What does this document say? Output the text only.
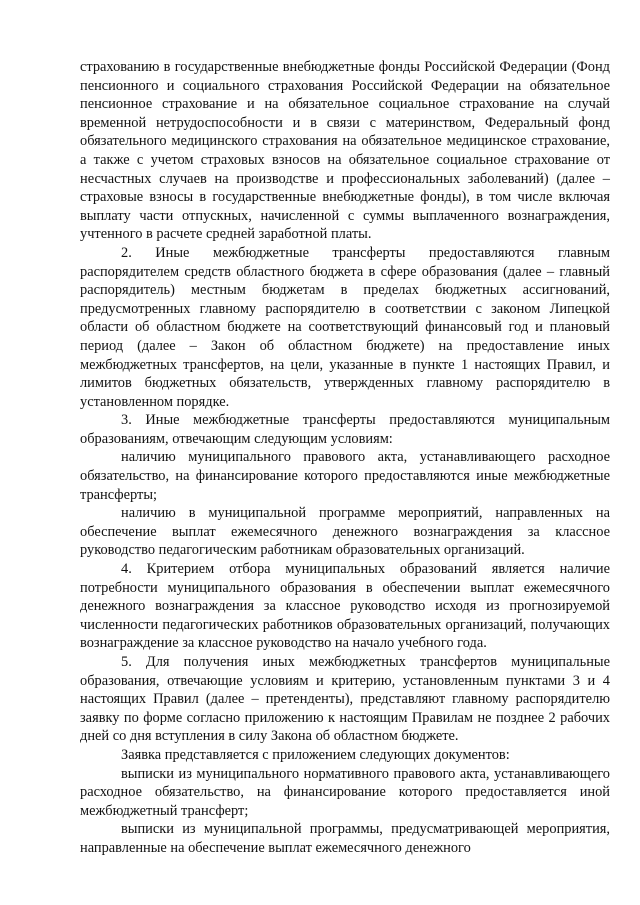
страхованию в государственные внебюджетные фонды Российской Федерации (Фонд пенсионного и социального страхования Российской Федерации на обязательное пенсионное страхование и на обязательное социальное страхование на случай временной нетрудоспособности и в связи с материнством, Федеральный фонд обязательного медицинского страхования на обязательное медицинское страхование, а также с учетом страховых взносов на обязательное социальное страхование от несчастных случаев на производстве и профессиональных заболеваний) (далее – страховые взносы в государственные внебюджетные фонды), в том числе включая выплату части отпускных, начисленной с суммы выплаченного вознаграждения, учтенного в расчете средней заработной платы.

2. Иные межбюджетные трансферты предоставляются главным распорядителем средств областного бюджета в сфере образования (далее – главный распорядитель) местным бюджетам в пределах бюджетных ассигнований, предусмотренных главному распорядителю в соответствии с законом Липецкой области об областном бюджете на соответствующий финансовый год и плановый период (далее – Закон об областном бюджете) на предоставление иных межбюджетных трансфертов, на цели, указанные в пункте 1 настоящих Правил, и лимитов бюджетных обязательств, утвержденных главному распорядителю в установленном порядке.

3. Иные межбюджетные трансферты предоставляются муниципальным образованиям, отвечающим следующим условиям:

наличию муниципального правового акта, устанавливающего расходное обязательство, на финансирование которого предоставляются иные межбюджетные трансферты;

наличию в муниципальной программе мероприятий, направленных на обеспечение выплат ежемесячного денежного вознаграждения за классное руководство педагогическим работникам образовательных организаций.

4. Критерием отбора муниципальных образований является наличие потребности муниципального образования в обеспечении выплат ежемесячного денежного вознаграждения за классное руководство исходя из прогнозируемой численности педагогических работников образовательных организаций, получающих вознаграждение за классное руководство на начало учебного года.

5. Для получения иных межбюджетных трансфертов муниципальные образования, отвечающие условиям и критерию, установленным пунктами 3 и 4 настоящих Правил (далее – претенденты), представляют главному распорядителю заявку по форме согласно приложению к настоящим Правилам не позднее 2 рабочих дней со дня вступления в силу Закона об областном бюджете.

Заявка представляется с приложением следующих документов:

выписки из муниципального нормативного правового акта, устанавливающего расходное обязательство, на финансирование которого предоставляется иной межбюджетный трансферт;

выписки из муниципальной программы, предусматривающей мероприятия, направленные на обеспечение выплат ежемесячного денежного
